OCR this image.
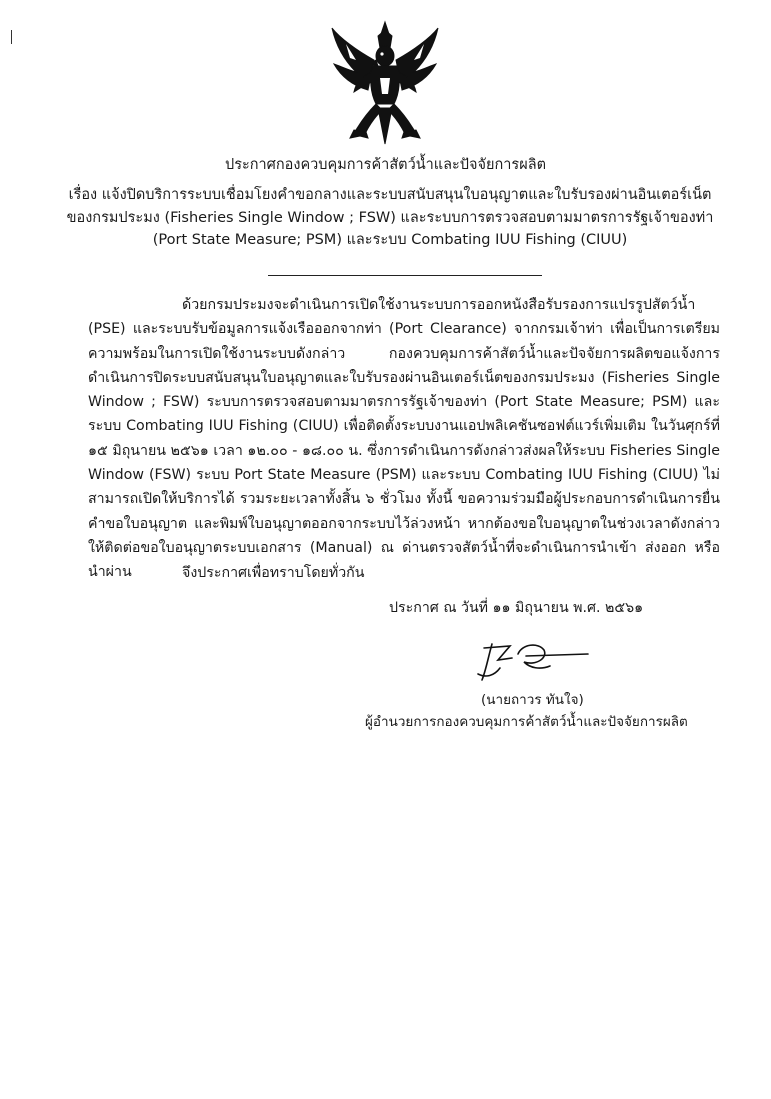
ประกาศกองควบคุมการค้าสัตว์น้ำและปัจจัยการผลิต

เรื่อง แจ้งปิดบริการระบบเชื่อมโยงคำขอกลางและระบบสนับสนุนใบอนุญาตและใบรับรองผ่านอินเตอร์เน็ตของกรมประมง (Fisheries Single Window ; FSW) และระบบการตรวจสอบตามมาตรการรัฐเจ้าของท่า (Port State Measure; PSM) และระบบ Combating IUU Fishing (CIUU)

ด้วยกรมประมงจะดำเนินการเปิดใช้งานระบบการออกหนังสือรับรองการแปรรูปสัตว์น้ำ (PSE) และระบบรับข้อมูลการแจ้งเรือออกจากท่า (Port Clearance) จากกรมเจ้าท่า เพื่อเป็นการเตรียมความพร้อมในการเปิดใช้งานระบบดังกล่าว กองควบคุมการค้าสัตว์น้ำและปัจจัยการผลิตขอแจ้งการดำเนินการปิดระบบสนับสนุนใบอนุญาตและใบรับรองผ่านอินเตอร์เน็ตของกรมประมง (Fisheries Single Window ; FSW) ระบบการตรวจสอบตามมาตรการรัฐเจ้าของท่า (Port State Measure; PSM) และระบบ Combating IUU Fishing (CIUU) เพื่อติดตั้งระบบงานแอปพลิเคชันซอฟต์แวร์เพิ่มเติม ในวันศุกร์ที่ ๑๕ มิถุนายน ๒๕๖๑ เวลา ๑๒.๐๐ - ๑๘.๐๐ น. ซึ่งการดำเนินการดังกล่าวส่งผลให้ระบบ Fisheries Single Window (FSW) ระบบ Port State Measure (PSM) และระบบ Combating IUU Fishing (CIUU) ไม่สามารถเปิดให้บริการได้ รวมระยะเวลาทั้งสิ้น ๖ ชั่วโมง ทั้งนี้ ขอความร่วมมือผู้ประกอบการดำเนินการยื่นคำขอใบอนุญาต และพิมพ์ใบอนุญาตออกจากระบบไว้ล่วงหน้า หากต้องขอใบอนุญาตในช่วงเวลาดังกล่าวให้ติดต่อขอใบอนุญาตระบบเอกสาร (Manual) ณ ด่านตรวจสัตว์น้ำที่จะดำเนินการนำเข้า ส่งออก หรือ นำผ่าน	จึงประกาศเพื่อทราบโดยทั่วกัน
ประกาศ ณ วันที่ ๑๑ มิถุนายน พ.ศ. ๒๕๖๑
(นายถาวร ทันใจ)
ผู้อำนวยการกองควบคุมการค้าสัตว์น้ำและปัจจัยการผลิต
